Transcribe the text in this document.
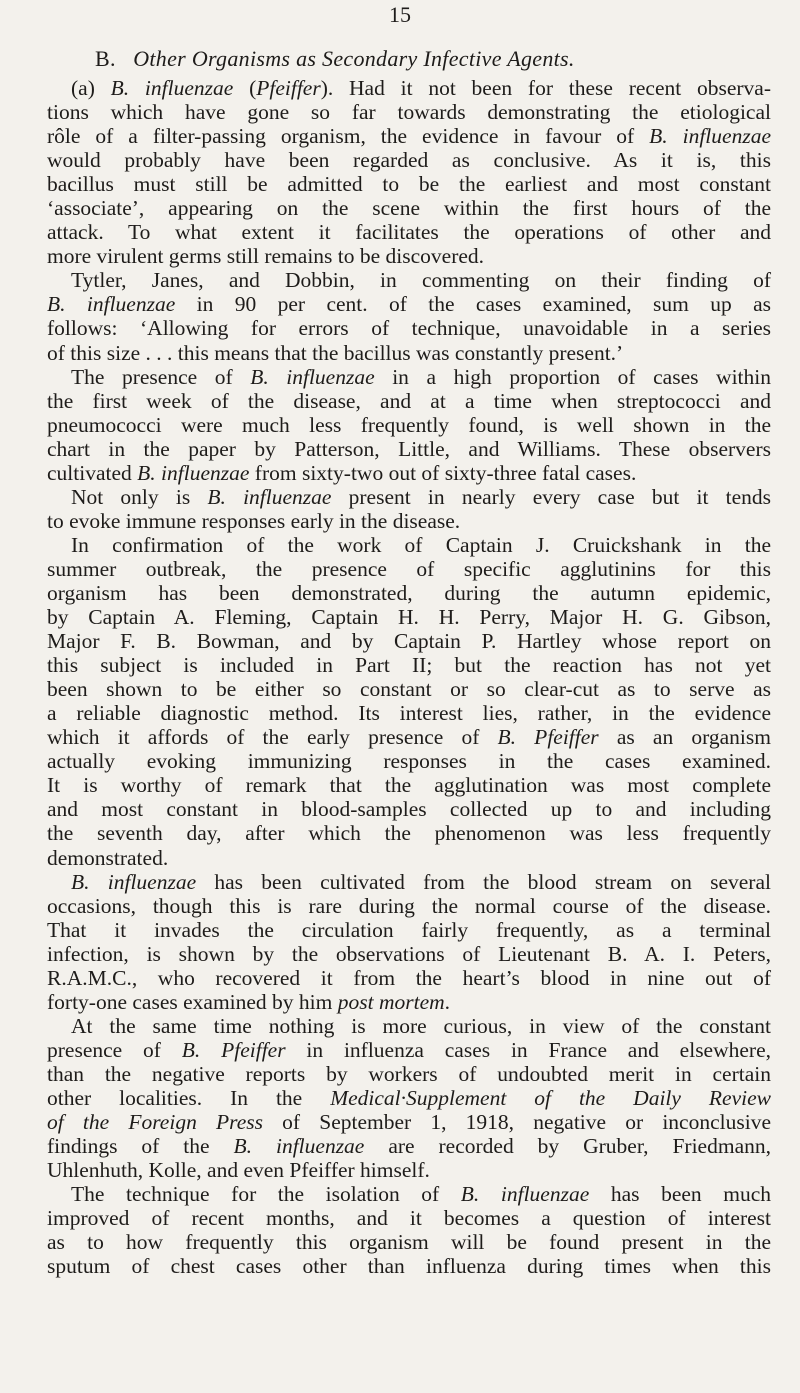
15
B. Other Organisms as Secondary Infective Agents.
(a) B. influenzae (Pfeiffer). Had it not been for these recent observa-
tions which have gone so far towards demonstrating the etiological
rôle of a filter-passing organism, the evidence in favour of B. influenzae
would probably have been regarded as conclusive. As it is, this
bacillus must still be admitted to be the earliest and most constant
‘associate’, appearing on the scene within the first hours of the
attack. To what extent it facilitates the operations of other and
more virulent germs still remains to be discovered.
Tytler, Janes, and Dobbin, in commenting on their finding of
B. influenzae in 90 per cent. of the cases examined, sum up as
follows: ‘Allowing for errors of technique, unavoidable in a series
of this size . . . this means that the bacillus was constantly present.’
The presence of B. influenzae in a high proportion of cases within
the first week of the disease, and at a time when streptococci and
pneumococci were much less frequently found, is well shown in the
chart in the paper by Patterson, Little, and Williams. These observers
cultivated B. influenzae from sixty-two out of sixty-three fatal cases.
Not only is B. influenzae present in nearly every case but it tends
to evoke immune responses early in the disease.
In confirmation of the work of Captain J. Cruickshank in the
summer outbreak, the presence of specific agglutinins for this
organism has been demonstrated, during the autumn epidemic,
by Captain A. Fleming, Captain H. H. Perry, Major H. G. Gibson,
Major F. B. Bowman, and by Captain P. Hartley whose report on
this subject is included in Part II; but the reaction has not yet
been shown to be either so constant or so clear-cut as to serve as
a reliable diagnostic method. Its interest lies, rather, in the evidence
which it affords of the early presence of B. Pfeiffer as an organism
actually evoking immunizing responses in the cases examined.
It is worthy of remark that the agglutination was most complete
and most constant in blood-samples collected up to and including
the seventh day, after which the phenomenon was less frequently
demonstrated.
B. influenzae has been cultivated from the blood stream on several
occasions, though this is rare during the normal course of the disease.
That it invades the circulation fairly frequently, as a terminal
infection, is shown by the observations of Lieutenant B. A. I. Peters,
R.A.M.C., who recovered it from the heart’s blood in nine out of
forty-one cases examined by him post mortem.
At the same time nothing is more curious, in view of the constant
presence of B. Pfeiffer in influenza cases in France and elsewhere,
than the negative reports by workers of undoubted merit in certain
other localities. In the Medical·Supplement of the Daily Review
of the Foreign Press of September 1, 1918, negative or inconclusive
findings of the B. influenzae are recorded by Gruber, Friedmann,
Uhlenhuth, Kolle, and even Pfeiffer himself.
The technique for the isolation of B. influenzae has been much
improved of recent months, and it becomes a question of interest
as to how frequently this organism will be found present in the
sputum of chest cases other than influenza during times when this
